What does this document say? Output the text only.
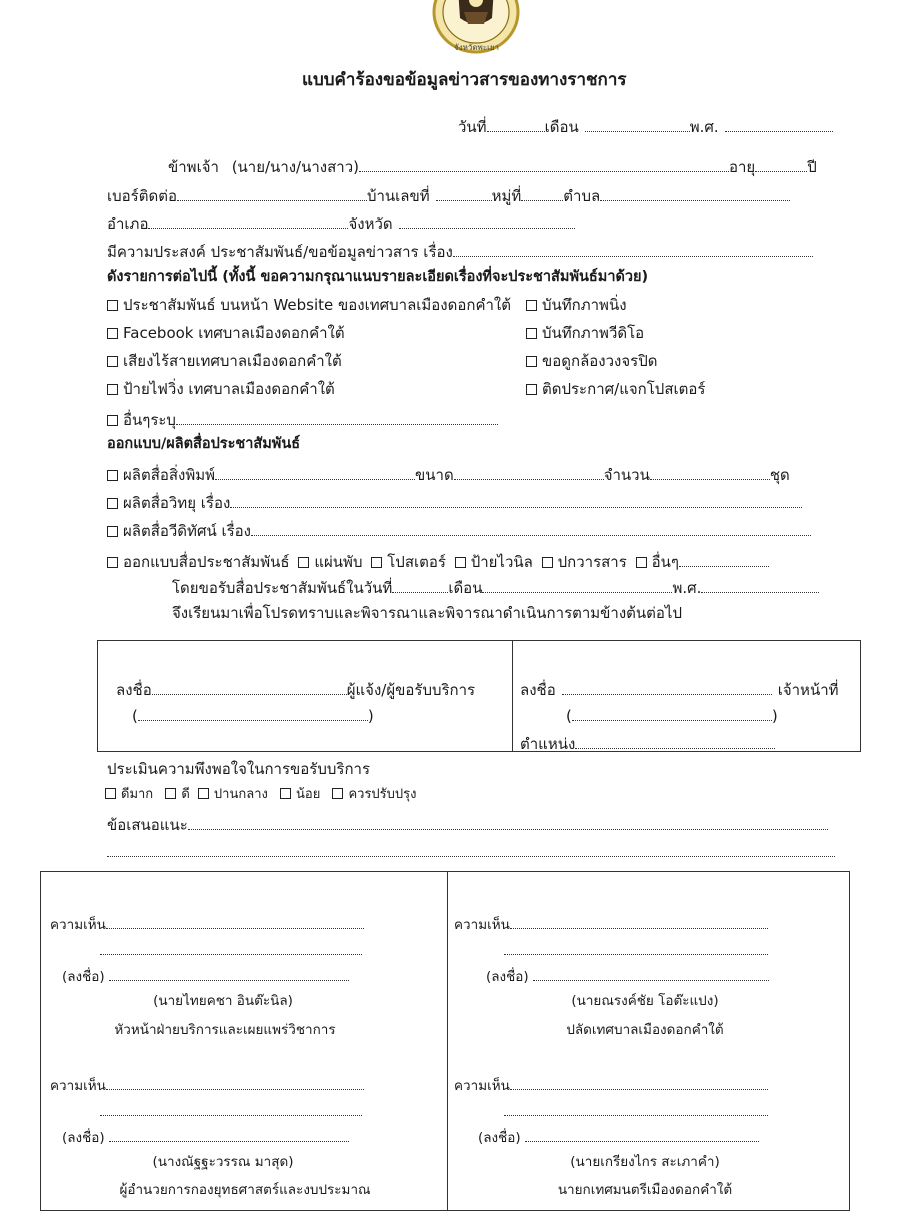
จังหวัดพะเยา
แบบคำร้องขอข้อมูลข่าวสารของทางราชการ
วันที่	เดือน	พ.ศ.
ข้าพเจ้า (นาย/นาง/นางสาว)	อายุ	ปี
เบอร์ติดต่อ	บ้านเลขที่	หมู่ที่	ตำบล
อำเภอ	จังหวัด
มีความประสงค์ ประชาสัมพันธ์/ขอข้อมูลข่าวสาร เรื่อง
ดังรายการต่อไปนี้ (ทั้งนี้ ขอความกรุณาแนบรายละเอียดเรื่องที่จะประชาสัมพันธ์มาด้วย)
ประชาสัมพันธ์ บนหน้า Website ของเทศบาลเมืองดอกคำใต้
Facebook เทศบาลเมืองดอกคำใต้
เสียงไร้สายเทศบาลเมืองดอกคำใต้
ป้ายไฟวิ่ง เทศบาลเมืองดอกคำใต้
อื่นๆระบุ
บันทึกภาพนิ่ง
บันทึกภาพวีดิโอ
ขอดูกล้องวงจรปิด
ติดประกาศ/แจกโปสเตอร์
ออกแบบ/ผลิตสื่อประชาสัมพันธ์
ผลิตสื่อสิ่งพิมพ์	ขนาด	จำนวน	ชุด
ผลิตสื่อวิทยุ เรื่อง
ผลิตสื่อวีดิทัศน์ เรื่อง
ออกแบบสื่อประชาสัมพันธ์ แผ่นพับ โปสเตอร์ ป้ายไวนิล ปกวารสาร อื่นๆ
โดยขอรับสื่อประชาสัมพันธ์ในวันที่	เดือน	พ.ศ.
จึงเรียนมาเพื่อโปรดทราบและพิจารณาและพิจารณาดำเนินการตามข้างต้นต่อไป
ลงชื่อ	ผู้แจ้ง/ผู้ขอรับบริการ
(	)
ลงชื่อ	เจ้าหน้าที่
(	)
ตำแหน่ง
ประเมินความพึงพอใจในการขอรับบริการ
ดีมาก ดี ปานกลาง น้อย ควรปรับปรุง
ข้อเสนอแนะ
ความเห็น
(ลงชื่อ)
(นายไทยคชา อินต๊ะนิล)
หัวหน้าฝ่ายบริการและเผยแพร่วิชาการ
ความเห็น
(ลงชื่อ)
(นายณรงค์ชัย โอต๊ะแปง)
ปลัดเทศบาลเมืองดอกคำใต้
ความเห็น
(ลงชื่อ)
(นางณัฐฐะวรรณ มาสุด)
ผู้อำนวยการกองยุทธศาสตร์และงบประมาณ
ความเห็น
(ลงชื่อ)
(นายเกรียงไกร สะเภาคำ)
นายกเทศมนตรีเมืองดอกคำใต้
